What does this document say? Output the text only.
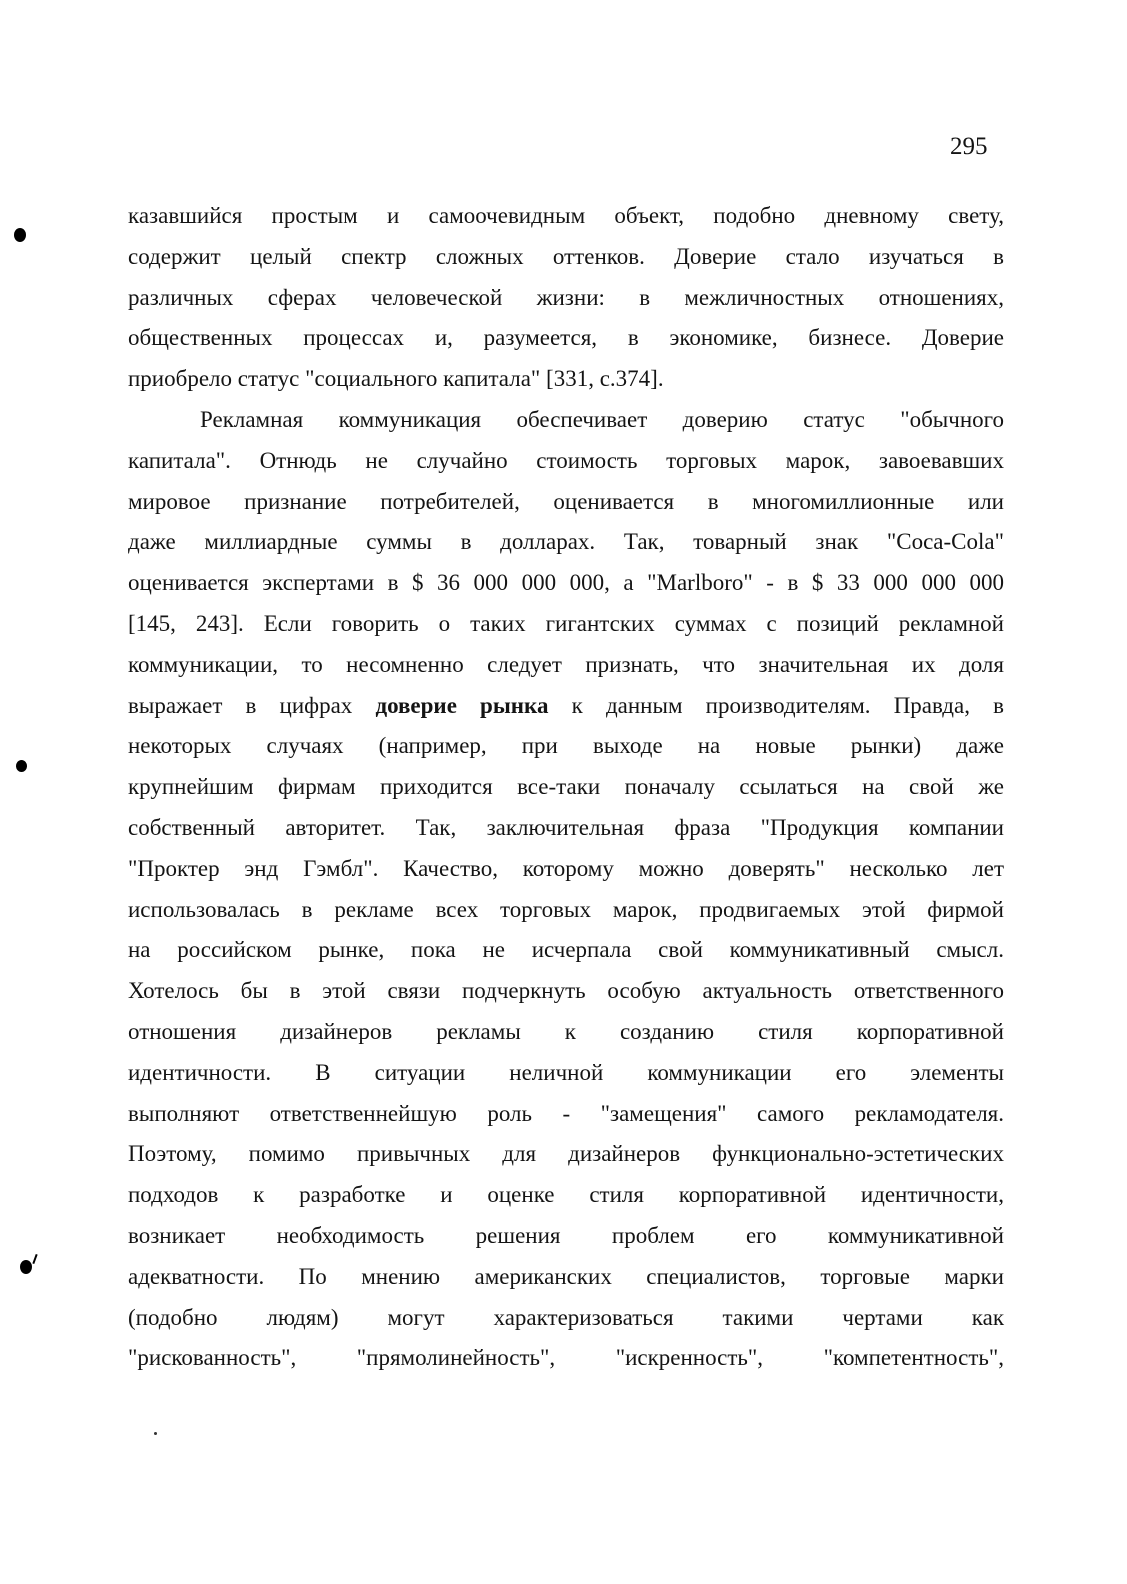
295
казавшийся простым и самоочевидным объект, подобно дневному свету,
содержит целый спектр сложных оттенков. Доверие стало изучаться в
различных сферах человеческой жизни: в межличностных отношениях,
общественных процессах и, разумеется, в экономике, бизнесе. Доверие
приобрело статус "социального капитала" [331, с.374].
Рекламная коммуникация обеспечивает доверию статус "обычного
капитала". Отнюдь не случайно стоимость торговых марок, завоевавших
мировое признание потребителей, оценивается в многомиллионные или
даже миллиардные суммы в долларах. Так, товарный знак "Coca-Cola"
оценивается экспертами в $ 36 000 000 000, а "Marlboro" - в $ 33 000 000 000
[145, 243]. Если говорить о таких гигантских суммах с позиций рекламной
коммуникации, то несомненно следует признать, что значительная их доля
выражает в цифрах доверие рынка к данным производителям. Правда, в
некоторых случаях (например, при выходе на новые рынки) даже
крупнейшим фирмам приходится все-таки поначалу ссылаться на свой же
собственный авторитет. Так, заключительная фраза "Продукция компании
"Проктер энд Гэмбл". Качество, которому можно доверять" несколько лет
использовалась в рекламе всех торговых марок, продвигаемых этой фирмой
на российском рынке, пока не исчерпала свой коммуникативный смысл.
Хотелось бы в этой связи подчеркнуть особую актуальность ответственного
отношения дизайнеров рекламы к созданию стиля корпоративной
идентичности. В ситуации неличной коммуникации его элементы
выполняют ответственнейшую роль - "замещения" самого рекламодателя.
Поэтому, помимо привычных для дизайнеров функционально-эстетических
подходов к разработке и оценке стиля корпоративной идентичности,
возникает необходимость решения проблем его коммуникативной
адекватности. По мнению американских специалистов, торговые марки
(подобно людям) могут характеризоваться такими чертами как
"рискованность", "прямолинейность", "искренность", "компетентность",
